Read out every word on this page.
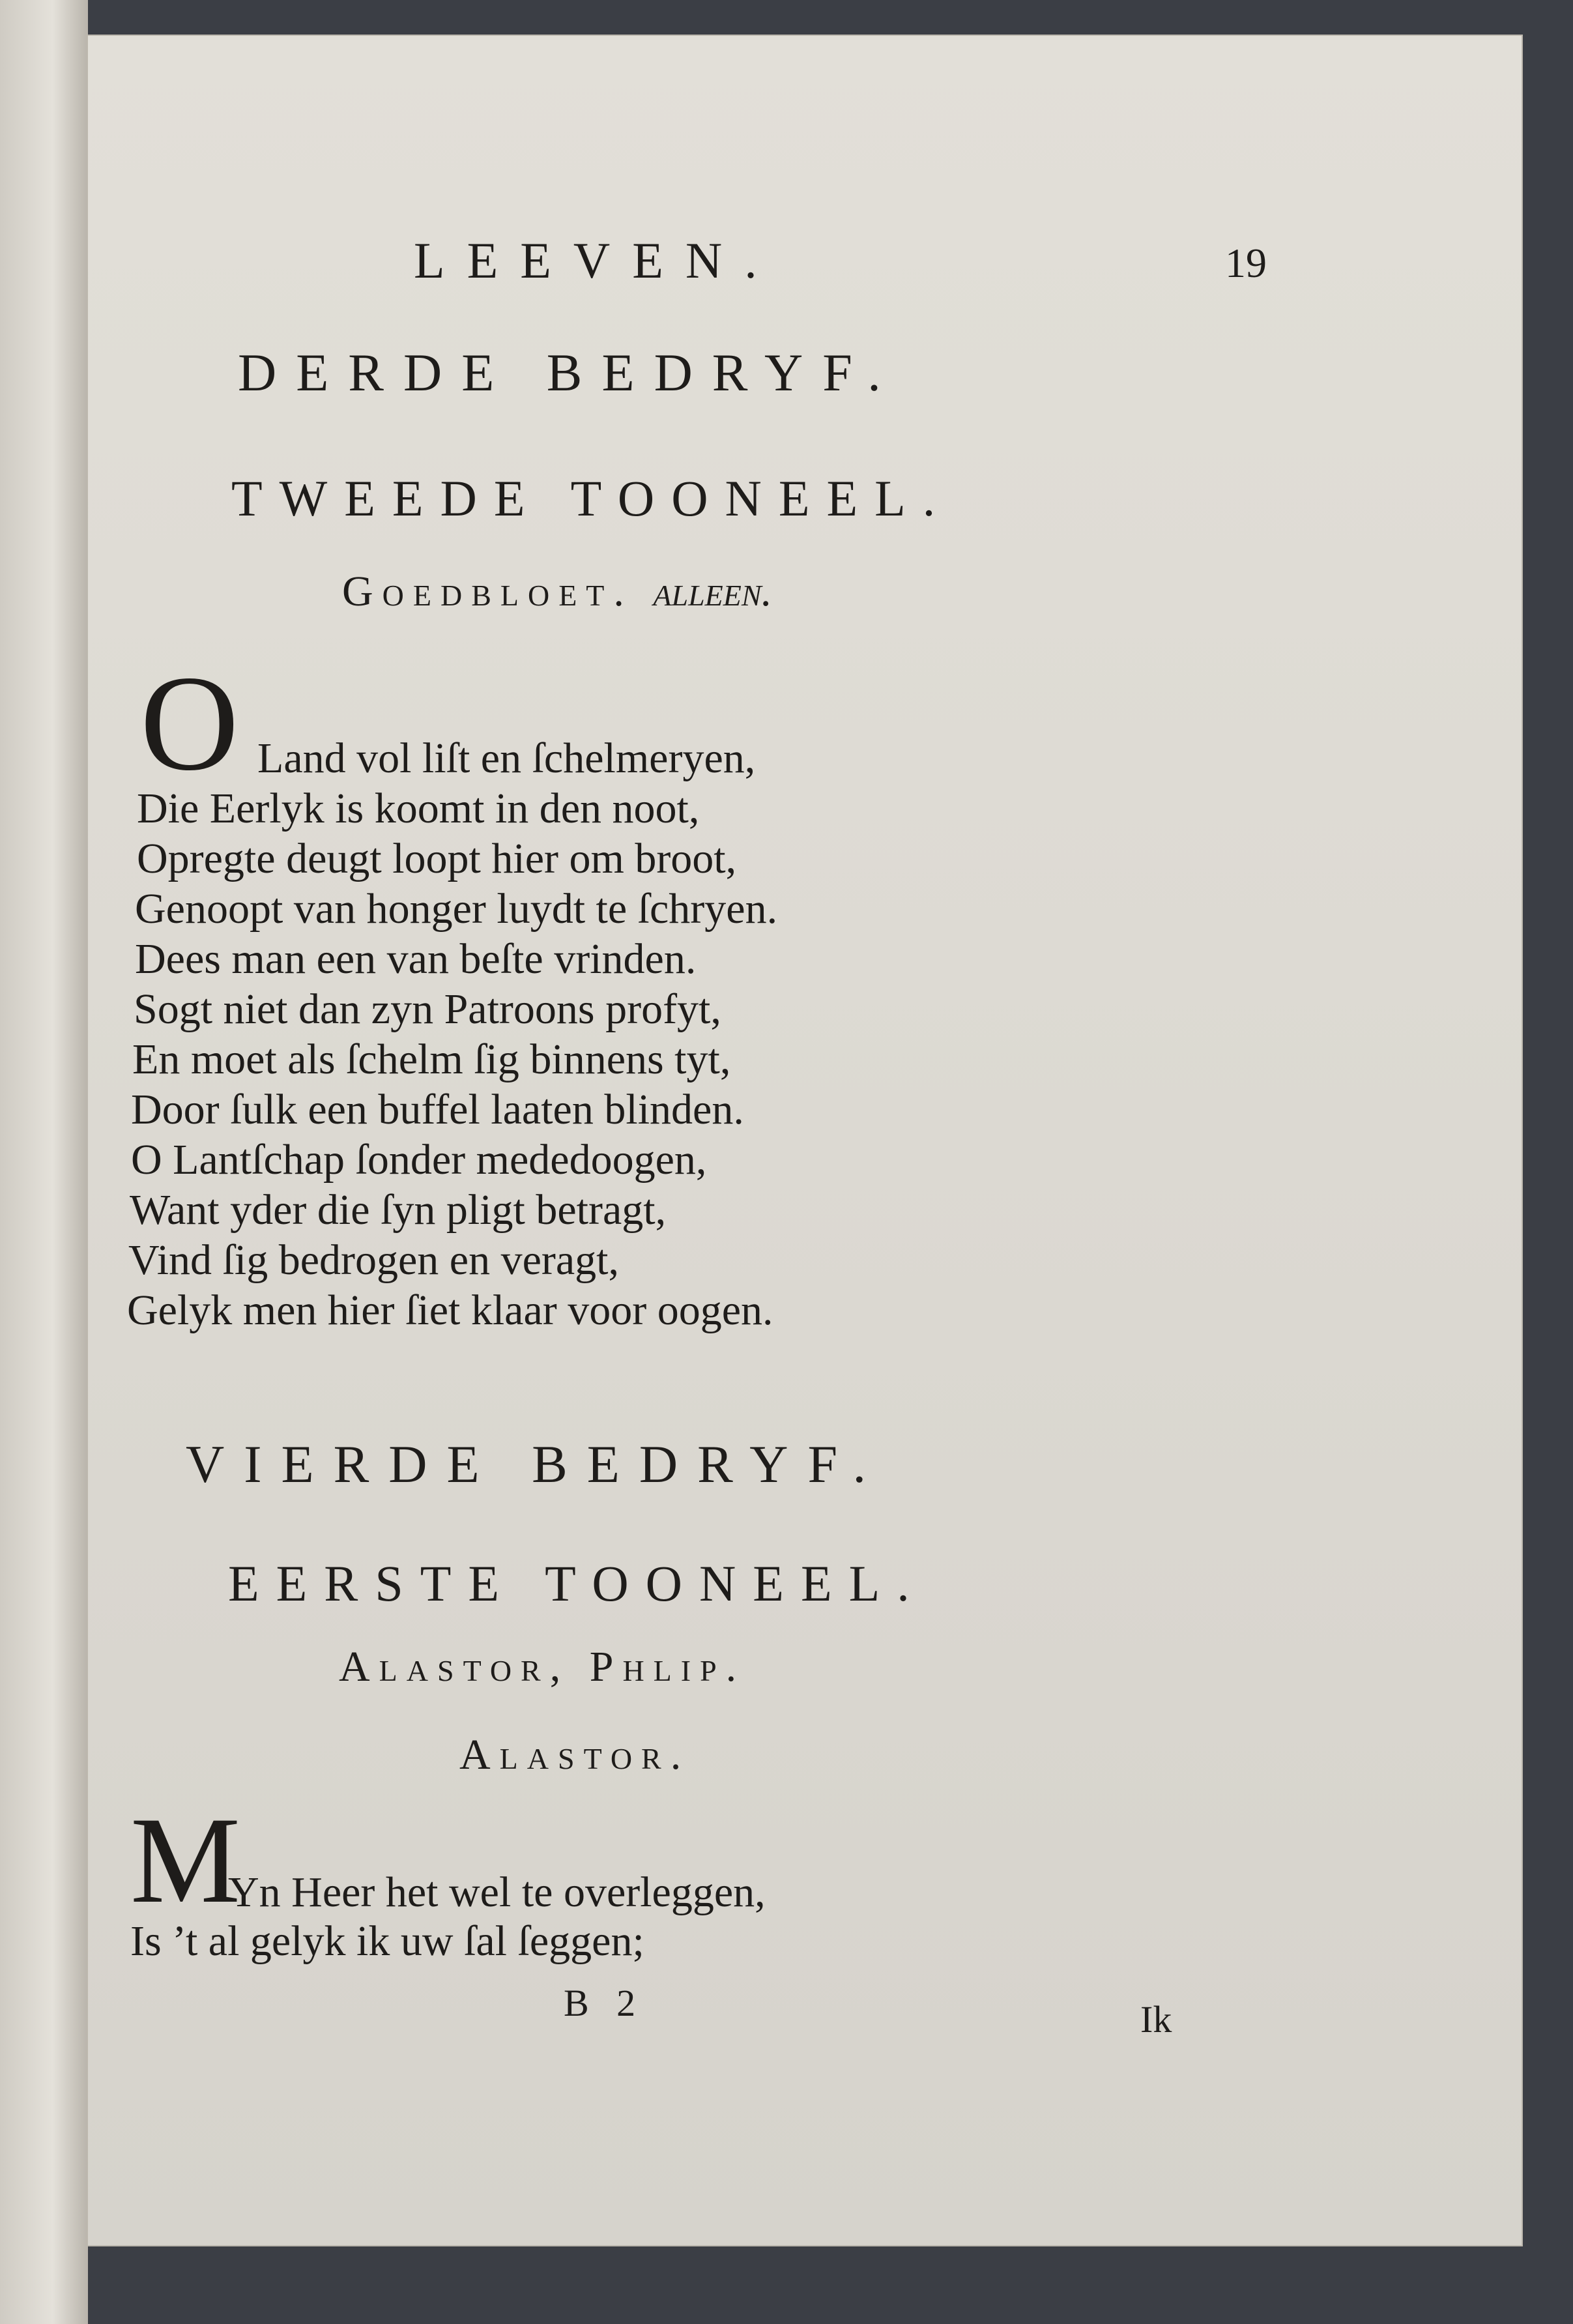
LEEVEN.	19
DERDE BEDRYF.
TWEEDE TOONEEL.
Goedbloet. alleen.
O Land vol liſt en ſchelmeryen,
Die Eerlyk is koomt in den noot,
Opregte deugt loopt hier om broot,
Genoopt van honger luydt te ſchryen.
Dees man een van beſte vrinden.
Sogt niet dan zyn Patroons profyt,
En moet als ſchelm ſig binnens tyt,
Door ſulk een buffel laaten blinden.
O Lantſchap ſonder mededoogen,
Want yder die ſyn pligt betragt,
Vind ſig bedrogen en veragt,
Gelyk men hier ſiet klaar voor oogen.
VIERDE BEDRYF.
EERSTE TOONEEL.
Alastor, Phlip.
Alastor.
M
Yn Heer het wel te overleggen,
Is ’t al gelyk ik uw ſal ſeggen;
B 2	Ik
